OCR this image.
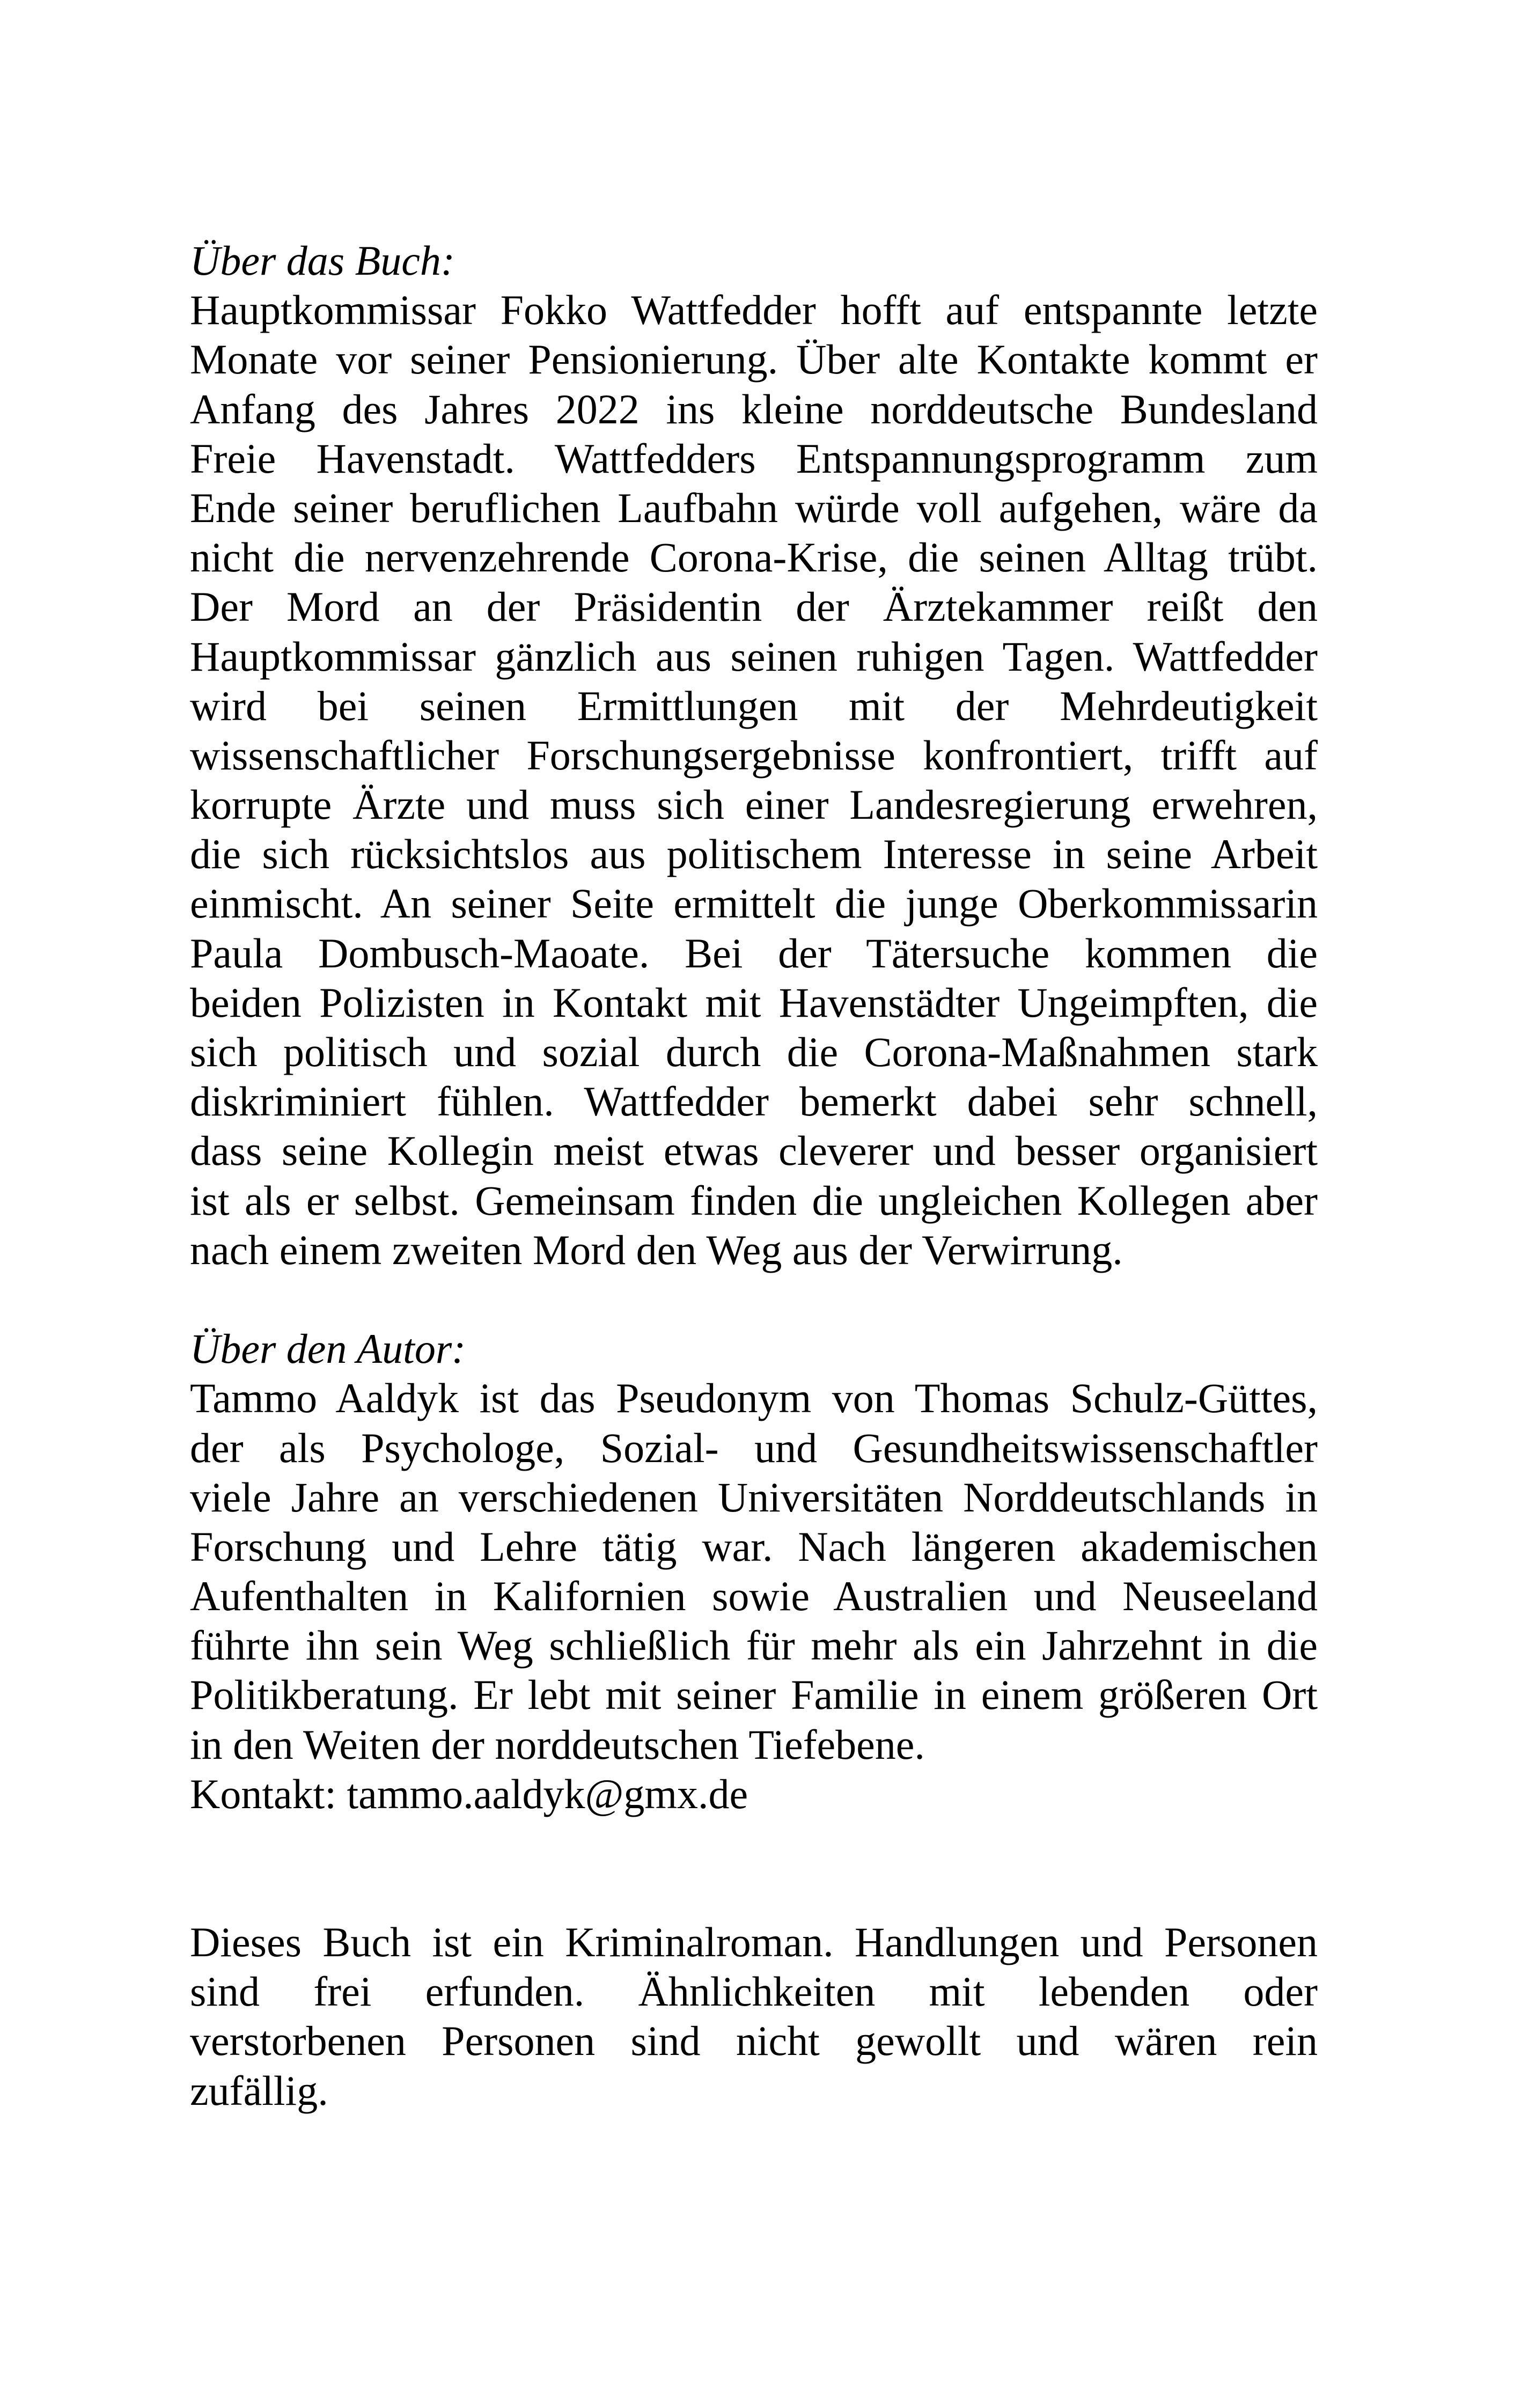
Über das Buch:
Hauptkommissar Fokko Wattfedder hofft auf entspannte letzte
Monate vor seiner Pensionierung. Über alte Kontakte kommt er
Anfang des Jahres 2022 ins kleine norddeutsche Bundesland
Freie Havenstadt. Wattfedders Entspannungsprogramm zum
Ende seiner beruflichen Laufbahn würde voll aufgehen, wäre da
nicht die nervenzehrende Corona-Krise, die seinen Alltag trübt.
Der Mord an der Präsidentin der Ärztekammer reißt den
Hauptkommissar gänzlich aus seinen ruhigen Tagen. Wattfedder
wird bei seinen Ermittlungen mit der Mehrdeutigkeit
wissenschaftlicher Forschungsergebnisse konfrontiert, trifft auf
korrupte Ärzte und muss sich einer Landesregierung erwehren,
die sich rücksichtslos aus politischem Interesse in seine Arbeit
einmischt. An seiner Seite ermittelt die junge Oberkommissarin
Paula Dombusch-Maoate. Bei der Tätersuche kommen die
beiden Polizisten in Kontakt mit Havenstädter Ungeimpften, die
sich politisch und sozial durch die Corona-Maßnahmen stark
diskriminiert fühlen. Wattfedder bemerkt dabei sehr schnell,
dass seine Kollegin meist etwas cleverer und besser organisiert
ist als er selbst. Gemeinsam finden die ungleichen Kollegen aber
nach einem zweiten Mord den Weg aus der Verwirrung.
Über den Autor:
Tammo Aaldyk ist das Pseudonym von Thomas Schulz-Güttes,
der als Psychologe, Sozial- und Gesundheitswissenschaftler
viele Jahre an verschiedenen Universitäten Norddeutschlands in
Forschung und Lehre tätig war. Nach längeren akademischen
Aufenthalten in Kalifornien sowie Australien und Neuseeland
führte ihn sein Weg schließlich für mehr als ein Jahrzehnt in die
Politikberatung. Er lebt mit seiner Familie in einem größeren Ort
in den Weiten der norddeutschen Tiefebene.
Kontakt: tammo.aaldyk@gmx.de
Dieses Buch ist ein Kriminalroman. Handlungen und Personen
sind frei erfunden. Ähnlichkeiten mit lebenden oder
verstorbenen Personen sind nicht gewollt und wären rein
zufällig.
